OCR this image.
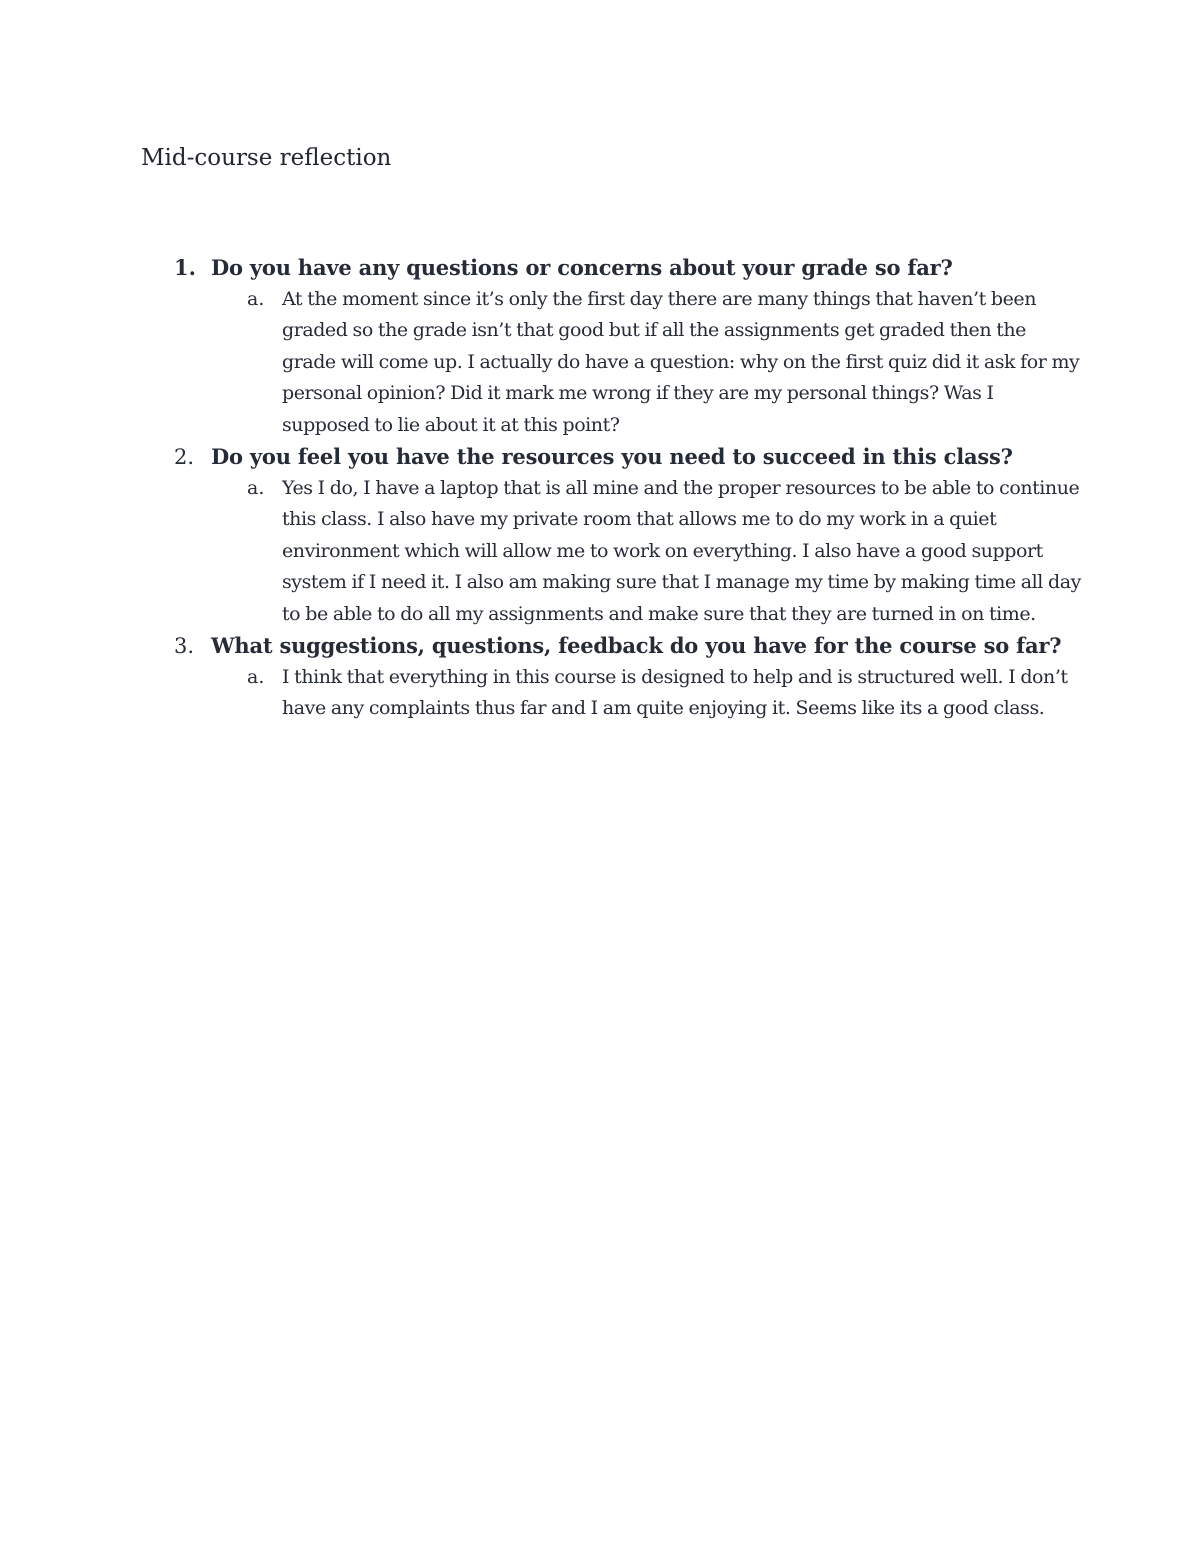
Mid-course reflection
1. Do you have any questions or concerns about your grade so far?
a. At the moment since it’s only the first day there are many things that haven’t been graded so the grade isn’t that good but if all the assignments get graded then the grade will come up. I actually do have a question: why on the first quiz did it ask for my personal opinion? Did it mark me wrong if they are my personal things? Was I supposed to lie about it at this point?
2. Do you feel you have the resources you need to succeed in this class?
a. Yes I do, I have a laptop that is all mine and the proper resources to be able to continue this class. I also have my private room that allows me to do my work in a quiet environment which will allow me to work on everything. I also have a good support system if I need it. I also am making sure that I manage my time by making time all day to be able to do all my assignments and make sure that they are turned in on time.
3. What suggestions, questions, feedback do you have for the course so far?
a. I think that everything in this course is designed to help and is structured well. I don’t have any complaints thus far and I am quite enjoying it. Seems like its a good class.
